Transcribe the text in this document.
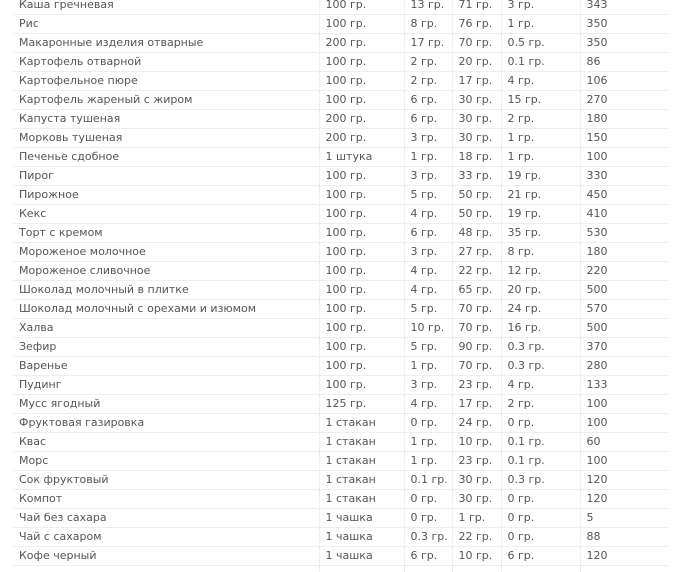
Каша гречневая	100 гр.	13 гр.	71 гр.	3 гр.	343
Рис	100 гр.	8 гр.	76 гр.	1 гр.	350
Макаронные изделия отварные	200 гр.	17 гр.	70 гр.	0.5 гр.	350
Картофель отварной	100 гр.	2 гр.	20 гр.	0.1 гр.	86
Картофельное пюре	100 гр.	2 гр.	17 гр.	4 гр.	106
Картофель жареный с жиром	100 гр.	6 гр.	30 гр.	15 гр.	270
Капуста тушеная	200 гр.	6 гр.	30 гр.	2 гр.	180
Морковь тушеная	200 гр.	3 гр.	30 гр.	1 гр.	150
Печенье сдобное	1 штука	1 гр.	18 гр.	1 гр.	100
Пирог	100 гр.	3 гр.	33 гр.	19 гр.	330
Пирожное	100 гр.	5 гр.	50 гр.	21 гр.	450
Кекс	100 гр.	4 гр.	50 гр.	19 гр.	410
Торт с кремом	100 гр.	6 гр.	48 гр.	35 гр.	530
Мороженое молочное	100 гр.	3 гр.	27 гр.	8 гр.	180
Мороженое сливочное	100 гр.	4 гр.	22 гр.	12 гр.	220
Шоколад молочный в плитке	100 гр.	4 гр.	65 гр.	20 гр.	500
Шоколад молочный с орехами и изюмом	100 гр.	5 гр.	70 гр.	24 гр.	570
Халва	100 гр.	10 гр.	70 гр.	16 гр.	500
Зефир	100 гр.	5 гр.	90 гр.	0.3 гр.	370
Варенье	100 гр.	1 гр.	70 гр.	0.3 гр.	280
Пудинг	100 гр.	3 гр.	23 гр.	4 гр.	133
Мусс ягодный	125 гр.	4 гр.	17 гр.	2 гр.	100
Фруктовая газировка	1 стакан	0 гр.	24 гр.	0 гр.	100
Квас	1 стакан	1 гр.	10 гр.	0.1 гр.	60
Морс	1 стакан	1 гр.	23 гр.	0.1 гр.	100
Сок фруктовый	1 стакан	0.1 гр.	30 гр.	0.3 гр.	120
Компот	1 стакан	0 гр.	30 гр.	0 гр.	120
Чай без сахара	1 чашка	0 гр.	1 гр.	0 гр.	5
Чай с сахаром	1 чашка	0.3 гр.	22 гр.	0 гр.	88
Кофе черный	1 чашка	6 гр.	10 гр.	6 гр.	120
